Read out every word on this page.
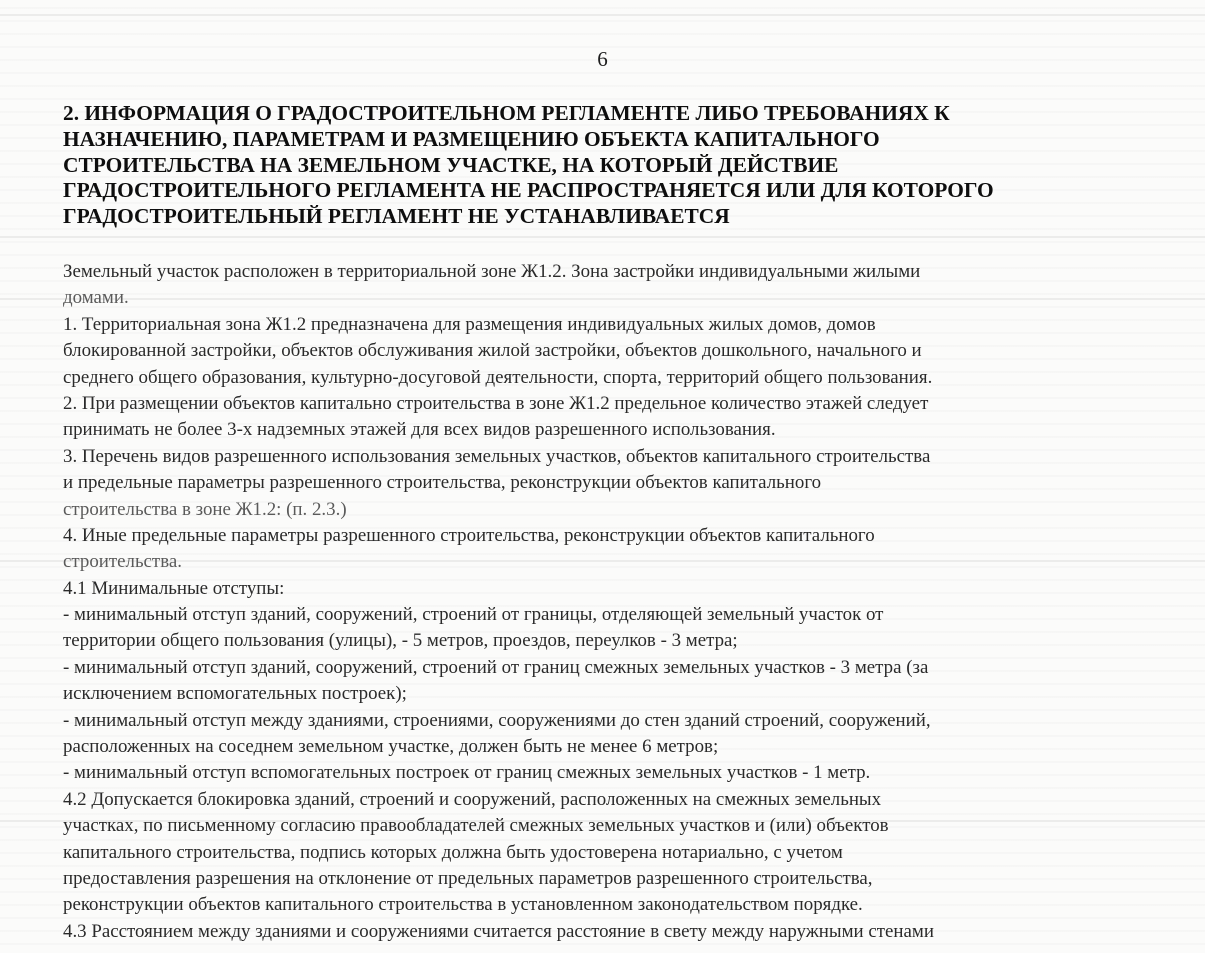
6
2. ИНФОРМАЦИЯ О ГРАДОСТРОИТЕЛЬНОМ РЕГЛАМЕНТЕ ЛИБО ТРЕБОВАНИЯХ К
НАЗНАЧЕНИЮ, ПАРАМЕТРАМ И РАЗМЕЩЕНИЮ ОБЪЕКТА КАПИТАЛЬНОГО
СТРОИТЕЛЬСТВА НА ЗЕМЕЛЬНОМ УЧАСТКЕ, НА КОТОРЫЙ ДЕЙСТВИЕ
ГРАДОСТРОИТЕЛЬНОГО РЕГЛАМЕНТА НЕ РАСПРОСТРАНЯЕТСЯ ИЛИ ДЛЯ КОТОРОГО
ГРАДОСТРОИТЕЛЬНЫЙ РЕГЛАМЕНТ НЕ УСТАНАВЛИВАЕТСЯ
Земельный участок расположен в территориальной зоне Ж1.2. Зона застройки индивидуальными жилыми
домами.
1. Территориальная зона Ж1.2 предназначена для размещения индивидуальных жилых домов, домов
блокированной застройки, объектов обслуживания жилой застройки, объектов дошкольного, начального и
среднего общего образования, культурно-досуговой деятельности, спорта, территорий общего пользования.
2. При размещении объектов капитально строительства в зоне Ж1.2 предельное количество этажей следует
принимать не более 3-х надземных этажей для всех видов разрешенного использования.
3. Перечень видов разрешенного использования земельных участков, объектов капитального строительства
и предельные параметры разрешенного строительства, реконструкции объектов капитального
строительства в зоне Ж1.2: (п. 2.3.)
4. Иные предельные параметры разрешенного строительства, реконструкции объектов капитального
строительства.
4.1 Минимальные отступы:
- минимальный отступ зданий, сооружений, строений от границы, отделяющей земельный участок от
территории общего пользования (улицы), - 5 метров, проездов, переулков - 3 метра;
- минимальный отступ зданий, сооружений, строений от границ смежных земельных участков - 3 метра (за
исключением вспомогательных построек);
- минимальный отступ между зданиями, строениями, сооружениями до стен зданий строений, сооружений,
расположенных на соседнем земельном участке, должен быть не менее 6 метров;
- минимальный отступ вспомогательных построек от границ смежных земельных участков - 1 метр.
4.2 Допускается блокировка зданий, строений и сооружений, расположенных на смежных земельных
участках, по письменному согласию правообладателей смежных земельных участков и (или) объектов
капитального строительства, подпись которых должна быть удостоверена нотариально, с учетом
предоставления разрешения на отклонение от предельных параметров разрешенного строительства,
реконструкции объектов капитального строительства в установленном законодательством порядке.
4.3 Расстоянием между зданиями и сооружениями считается расстояние в свету между наружными стенами
